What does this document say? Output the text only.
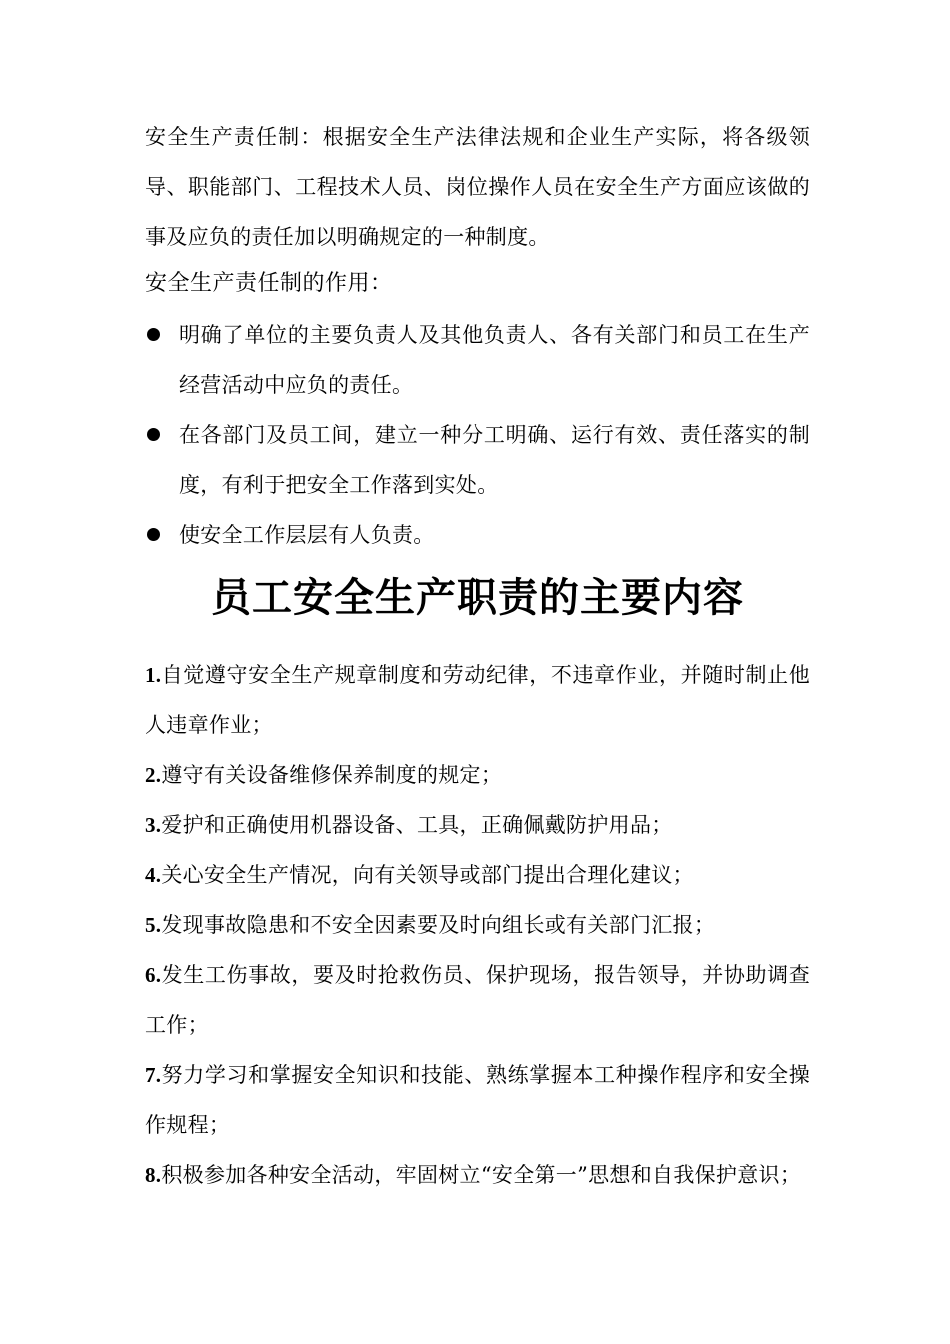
安全生产责任制：根据安全生产法律法规和企业生产实际，将各级领导、职能部门、工程技术人员、岗位操作人员在安全生产方面应该做的事及应负的责任加以明确规定的一种制度。

安全生产责任制的作用：

明确了单位的主要负责人及其他负责人、各有关部门和员工在生产经营活动中应负的责任。
在各部门及员工间，建立一种分工明确、运行有效、责任落实的制度，有利于把安全工作落到实处。
使安全工作层层有人负责。
员工安全生产职责的主要内容
1.自觉遵守安全生产规章制度和劳动纪律，不违章作业，并随时制止他人违章作业；
2.遵守有关设备维修保养制度的规定；
3.爱护和正确使用机器设备、工具，正确佩戴防护用品；
4.关心安全生产情况，向有关领导或部门提出合理化建议；
5.发现事故隐患和不安全因素要及时向组长或有关部门汇报；
6.发生工伤事故，要及时抢救伤员、保护现场，报告领导，并协助调查工作；
7.努力学习和掌握安全知识和技能、熟练掌握本工种操作程序和安全操作规程；
8.积极参加各种安全活动，牢固树立“安全第一”思想和自我保护意识；
